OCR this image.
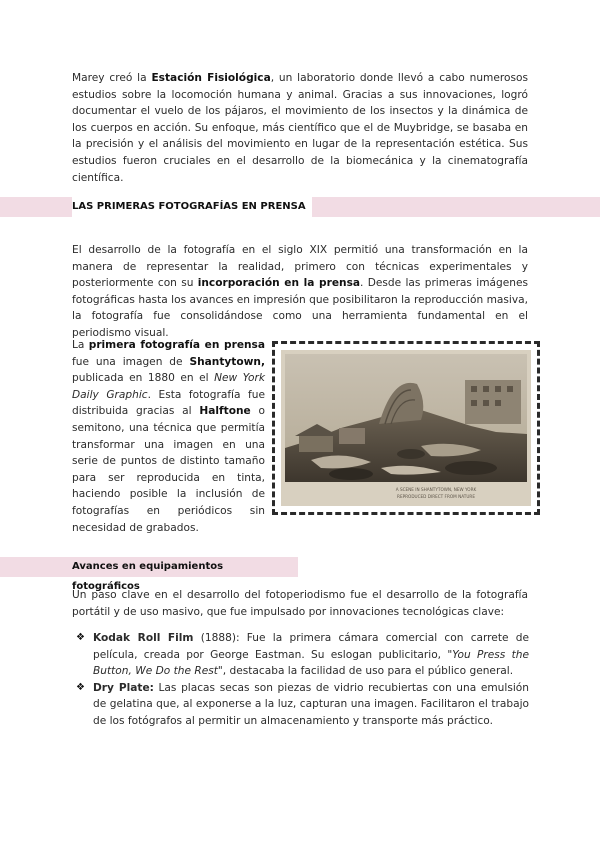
Marey creó la Estación Fisiológica, un laboratorio donde llevó a cabo numerosos estudios sobre la locomoción humana y animal. Gracias a sus innovaciones, logró documentar el vuelo de los pájaros, el movimiento de los insectos y la dinámica de los cuerpos en acción. Su enfoque, más científico que el de Muybridge, se basaba en la precisión y el análisis del movimiento en lugar de la representación estética. Sus estudios fueron cruciales en el desarrollo de la biomecánica y la cinematografía científica.

LAS PRIMERAS FOTOGRAFÍAS EN PRENSA

El desarrollo de la fotografía en el siglo XIX permitió una transformación en la manera de representar la realidad, primero con técnicas experimentales y posteriormente con su incorporación en la prensa. Desde las primeras imágenes fotográficas hasta los avances en impresión que posibilitaron la reproducción masiva, la fotografía fue consolidándose como una herramienta fundamental en el periodismo visual.

La primera fotografía en prensa fue una imagen de Shantytown, publicada en 1880 en el New York Daily Graphic. Esta fotografía fue distribuida gracias al Halftone o semitono, una técnica que permitía transformar una imagen en una serie de puntos de distinto tamaño para ser reproducida en tinta, haciendo posible la inclusión de fotografías en periódicos sin necesidad de grabados.

A SCENE IN SHANTYTOWN, NEW YORK
REPRODUCED DIRECT FROM NATURE
Avances en equipamientos fotográficos

Un paso clave en el desarrollo del fotoperiodismo fue el desarrollo de la fotografía portátil y de uso masivo, que fue impulsado por innovaciones tecnológicas clave:

❖ Kodak Roll Film (1888): Fue la primera cámara comercial con carrete de película, creada por George Eastman. Su eslogan publicitario, "You Press the Button, We Do the Rest", destacaba la facilidad de uso para el público general.
❖ Dry Plate: Las placas secas son piezas de vidrio recubiertas con una emulsión de gelatina que, al exponerse a la luz, capturan una imagen. Facilitaron el trabajo de los fotógrafos al permitir un almacenamiento y transporte más práctico.
